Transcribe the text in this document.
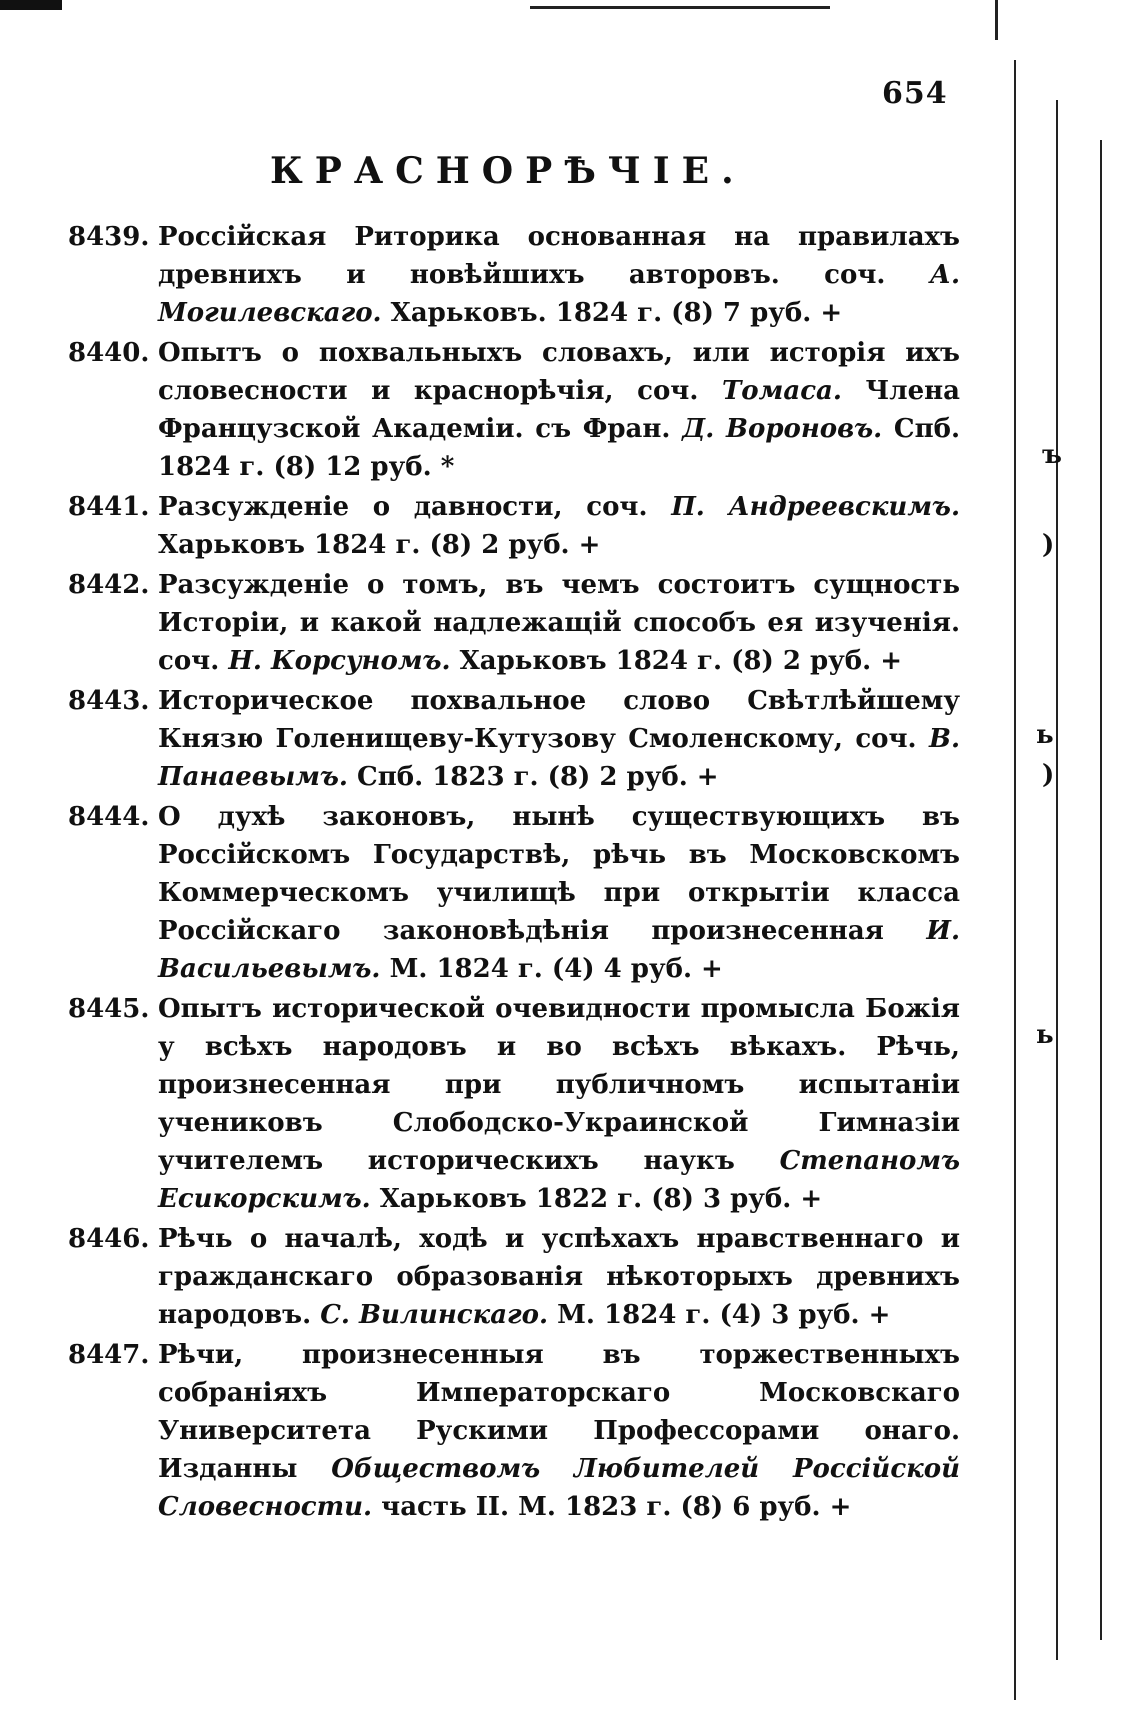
ъ
)
ь
)
ь
654
КРАСНОРѢЧІЕ.
8439 . Россійская Риторика основанная на правилахъ древнихъ и новѣйшихъ авторовъ. соч. А. Могилевскаго. Харьковъ. 1824 г. (8) 7 руб. +
8440 . Опытъ о похвальныхъ словахъ, или исторія ихъ словесности и краснорѣчія, соч. Томаса. Члена Французской Академіи. съ Фран. Д. Вороновъ. Спб. 1824 г. (8) 12 руб. *
8441 . Разсужденіе о давности, соч. П. Андреевскимъ. Харьковъ 1824 г. (8) 2 руб. +
8442 . Разсужденіе о томъ, въ чемъ состоитъ сущность Исторіи, и какой надлежащій способъ ея изученія. соч. Н. Корсуномъ. Харьковъ 1824 г. (8) 2 руб. +
8443 . Историческое похвальное слово Свѣтлѣйшему Князю Голенищеву-Кутузову Смоленскому, соч. В. Панаевымъ. Спб. 1823 г. (8) 2 руб. +
8444 . О духѣ законовъ, нынѣ существующихъ въ Россійскомъ Государствѣ, рѣчь въ Московскомъ Коммерческомъ училищѣ при открытіи класса Россійскаго законовѣдѣнія произнесенная И. Васильевымъ. М. 1824 г. (4) 4 руб. +
8445 . Опытъ исторической очевидности промысла Божія у всѣхъ народовъ и во всѣхъ вѣкахъ. Рѣчь, произнесенная при публичномъ испытаніи учениковъ Слободско-Украинской Гимназіи учителемъ историческихъ наукъ Степаномъ Есикорскимъ. Харьковъ 1822 г. (8) 3 руб. +
8446 . Рѣчь о началѣ, ходѣ и успѣхахъ нравственнаго и гражданскаго образованія нѣкоторыхъ древнихъ народовъ. С. Вилинскаго. М. 1824 г. (4) 3 руб. +
8447 . Рѣчи, произнесенныя въ торжественныхъ собраніяхъ Императорскаго Московскаго Университета Рускими Профессорами онаго. Изданны Обществомъ Любителей Россійской Словесности. часть II. М. 1823 г. (8) 6 руб. +
